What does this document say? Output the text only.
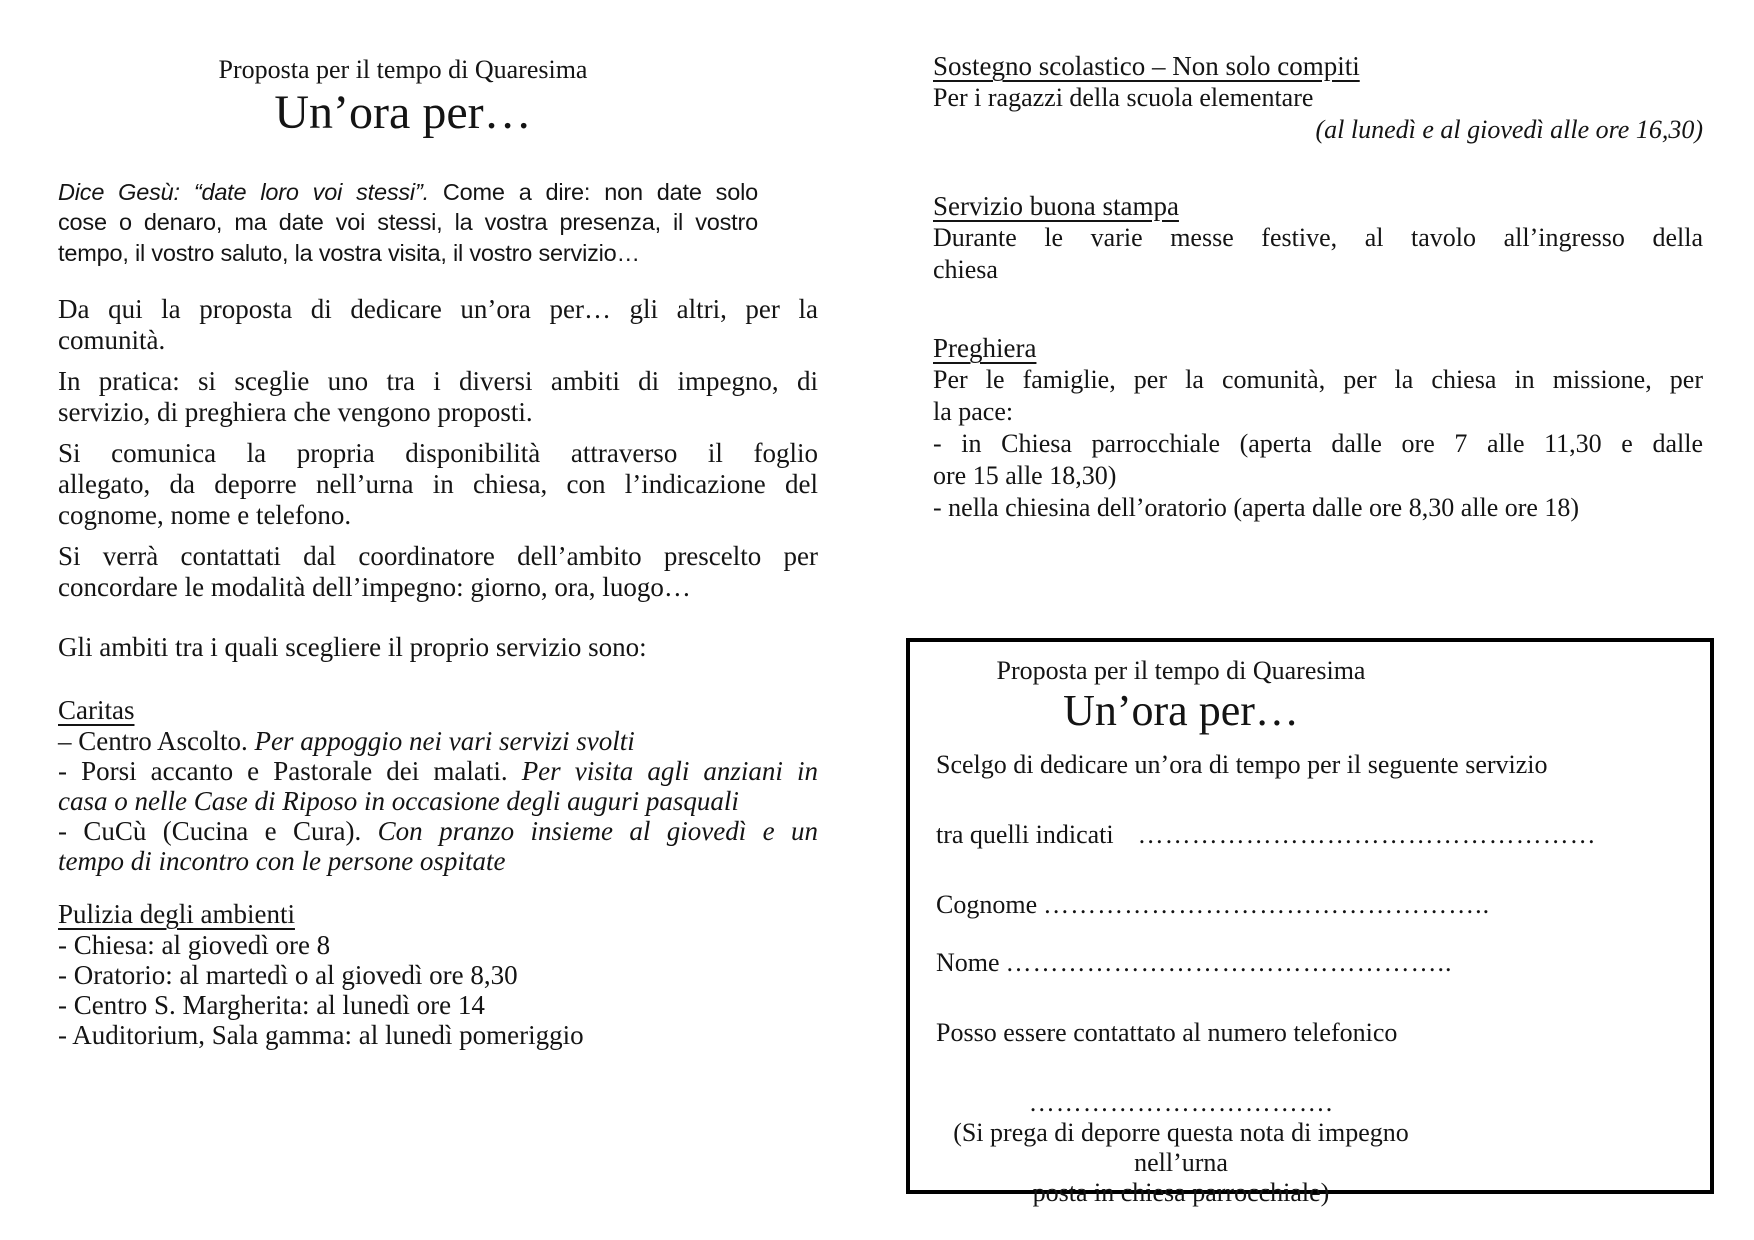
Proposta per il tempo di Quaresima
Un’ora per…
Dice Gesù: “date loro voi stessi”. Come a dire: non date solo
cose o denaro, ma date voi stessi, la vostra presenza, il vostro
tempo, il vostro saluto, la vostra visita, il vostro servizio…
Da qui la proposta di dedicare un’ora per… gli altri, per la
comunità.
In pratica: si sceglie uno tra i diversi ambiti di impegno, di
servizio, di preghiera che vengono proposti.
Si comunica la propria disponibilità attraverso il foglio
allegato, da deporre nell’urna in chiesa, con l’indicazione del
cognome, nome e telefono.
Si verrà contattati dal coordinatore dell’ambito prescelto per
concordare le modalità dell’impegno: giorno, ora, luogo…
Gli ambiti tra i quali scegliere il proprio servizio sono:
Caritas
– Centro Ascolto. Per appoggio nei vari servizi svolti
- Porsi accanto e Pastorale dei malati. Per visita agli anziani in
casa o nelle Case di Riposo in occasione degli auguri pasquali
- CuCù (Cucina e Cura). Con pranzo insieme al giovedì e un
tempo di incontro con le persone ospitate
Pulizia degli ambienti
- Chiesa: al giovedì ore 8
- Oratorio: al martedì o al giovedì ore 8,30
- Centro S. Margherita: al lunedì ore 14
- Auditorium, Sala gamma: al lunedì pomeriggio
Sostegno scolastico – Non solo compiti
Per i ragazzi della scuola elementare
(al lunedì e al giovedì alle ore 16,30)
Servizio buona stampa
Durante le varie messe festive, al tavolo all’ingresso della
chiesa
Preghiera
Per le famiglie, per la comunità, per la chiesa in missione, per
la pace:
- in Chiesa parrocchiale (aperta dalle ore 7 alle 11,30 e dalle
ore 15 alle 18,30)
- nella chiesina dell’oratorio (aperta dalle ore 8,30 alle ore 18)
Proposta per il tempo di Quaresima
Un’ora per…
Scelgo di dedicare un’ora di tempo per il seguente servizio
tra quelli indicati ……………………………………………
Cognome …………………………………………..
Nome …………………………………………..
Posso essere contattato al numero telefonico
…………………………….
(Si prega di deporre questa nota di impegno nell’urna
posta in chiesa parrocchiale)
